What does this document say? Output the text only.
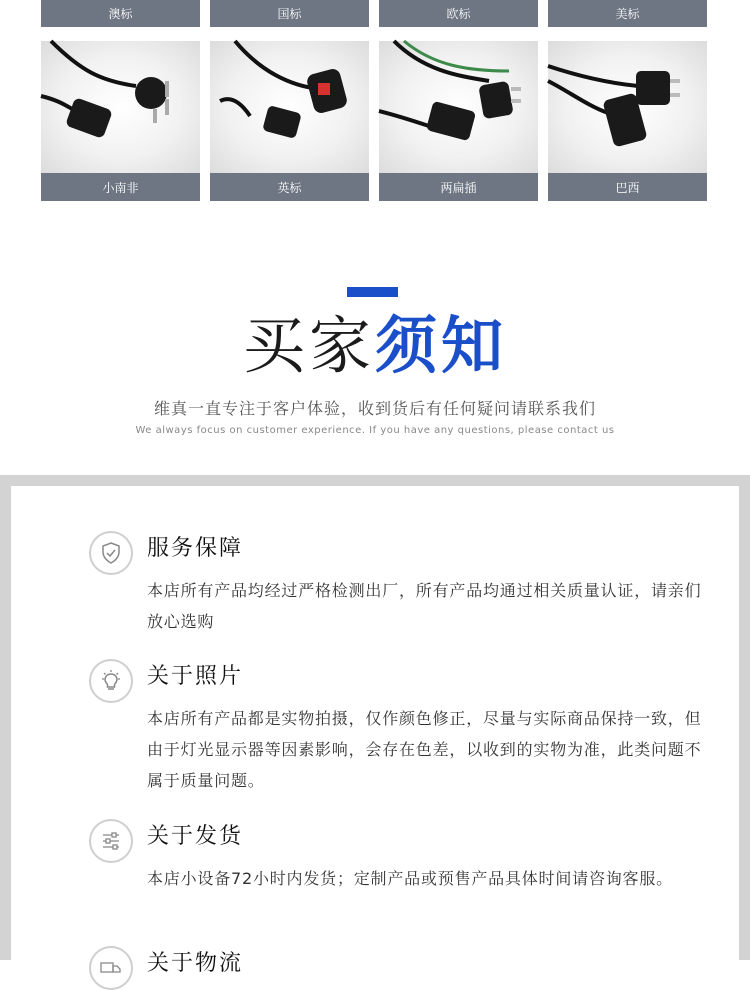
澳标	国标	欧标	美标
小南非	英标	两扁插	巴西
买家须知
维真一直专注于客户体验，收到货后有任何疑问请联系我们
We always focus on customer experience. If you have any questions, please contact us
服务保障
本店所有产品均经过严格检测出厂，所有产品均通过相关质量认证，请亲们放心选购
关于照片
本店所有产品都是实物拍摄，仅作颜色修正，尽量与实际商品保持一致，但由于灯光显示器等因素影响，会存在色差，以收到的实物为准，此类问题不属于质量问题。
关于发货
本店小设备72小时内发货；定制产品或预售产品具体时间请咨询客服。
关于物流
